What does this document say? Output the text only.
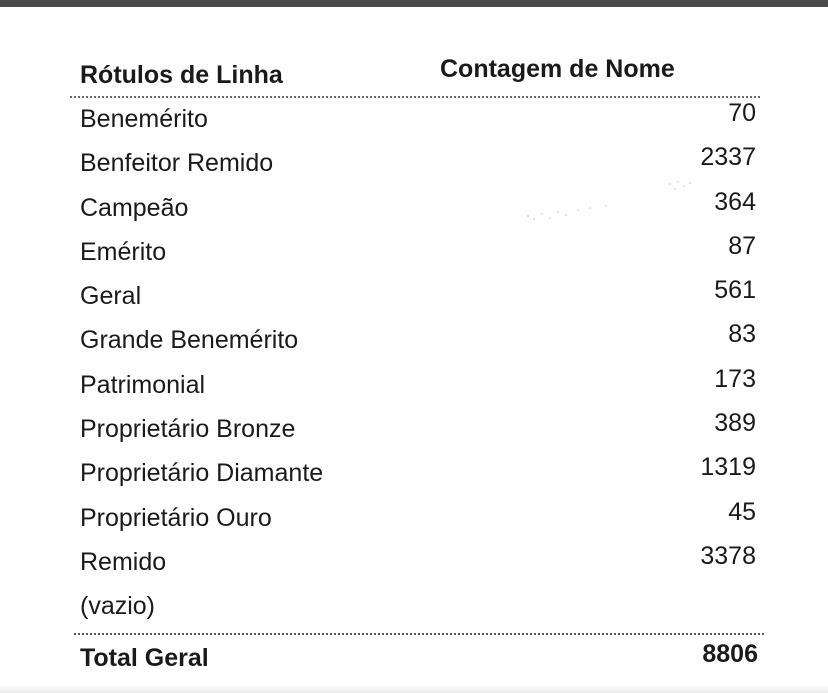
Rótulos de Linha	Contagem de Nome
Benemérito	70
Benfeitor Remido	2337
Campeão	364
Emérito	87
Geral	561
Grande Benemérito	83
Patrimonial	173
Proprietário Bronze	389
Proprietário Diamante	1319
Proprietário Ouro	45
Remido	3378
(vazio)
Total Geral	8806
